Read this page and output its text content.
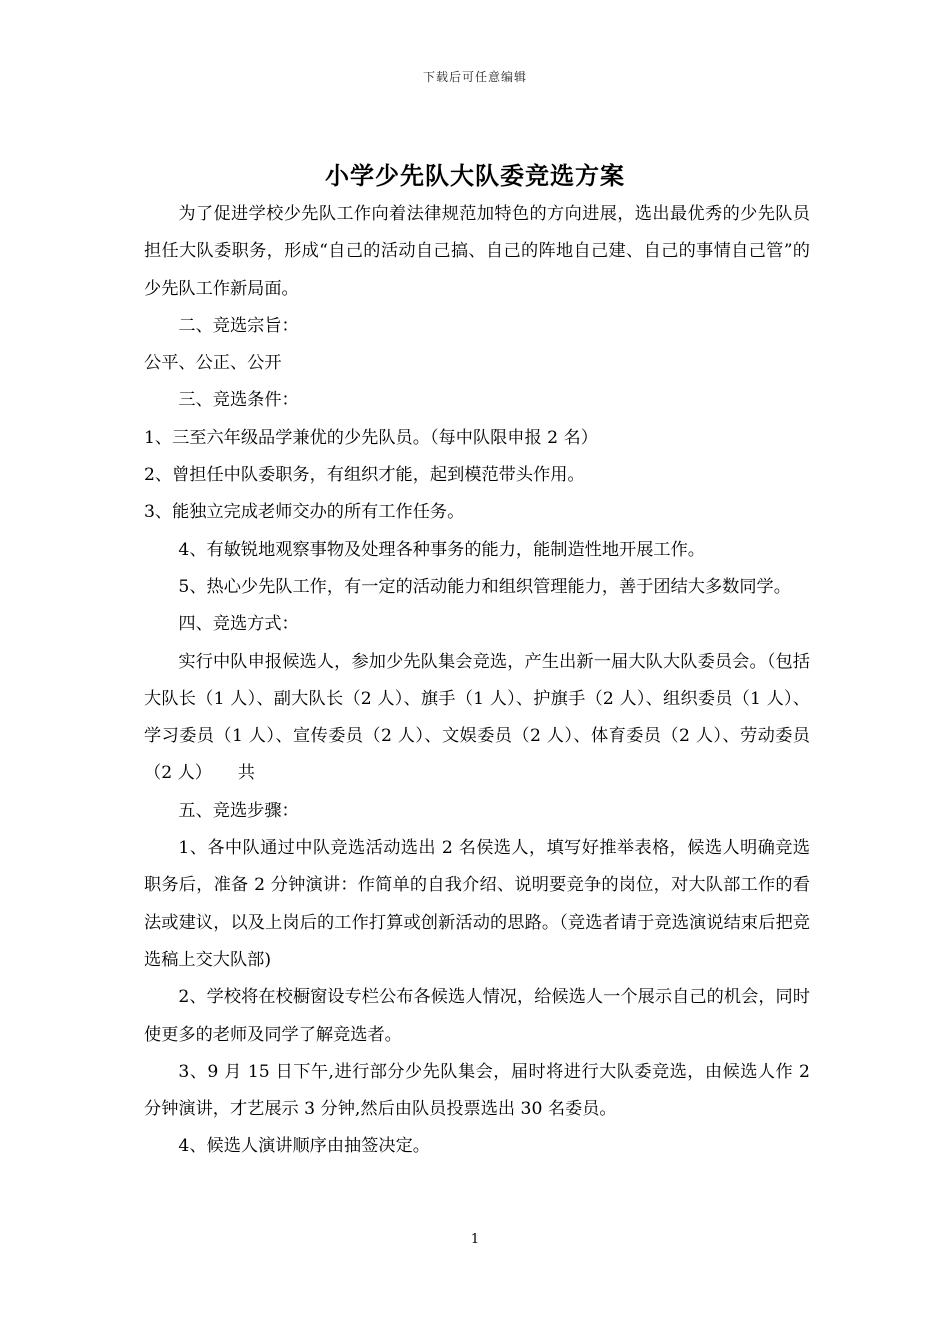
下载后可任意编辑
小学少先队大队委竞选方案

为了促进学校少先队工作向着法律规范加特色的方向进展，选出最优秀的少先队员担任大队委职务，形成“自己的活动自己搞、自己的阵地自己建、自己的事情自己管”的少先队工作新局面。

二、竞选宗旨：

公平、公正、公开

三、竞选条件：

1、三至六年级品学兼优的少先队员。（每中队限申报 2 名）

2、曾担任中队委职务，有组织才能，起到模范带头作用。

3、能独立完成老师交办的所有工作任务。

4、有敏锐地观察事物及处理各种事务的能力，能制造性地开展工作。

5、热心少先队工作，有一定的活动能力和组织管理能力，善于团结大多数同学。

四、竞选方式：

实行中队申报候选人，参加少先队集会竞选，产生出新一届大队大队委员会。（包括大队长（1 人）、副大队长（2 人）、旗手（1 人）、护旗手（2 人）、组织委员（1 人）、学习委员（1 人）、宣传委员（2 人）、文娱委员（2 人）、体育委员（2 人）、劳动委员（2 人）　　共

五、竞选步骤：

1、各中队通过中队竞选活动选出 2 名侯选人，填写好推举表格，候选人明确竞选职务后，准备 2 分钟演讲：作简单的自我介绍、说明要竞争的岗位，对大队部工作的看法或建议，以及上岗后的工作打算或创新活动的思路。（竞选者请于竞选演说结束后把竞选稿上交大队部)

2、学校将在校橱窗设专栏公布各候选人情况，给候选人一个展示自己的机会，同时使更多的老师及同学了解竞选者。

3、9 月 15 日下午,进行部分少先队集会，届时将进行大队委竞选，由候选人作 2 分钟演讲，才艺展示 3 分钟,然后由队员投票选出 30 名委员。

4、候选人演讲顺序由抽签决定。

1
